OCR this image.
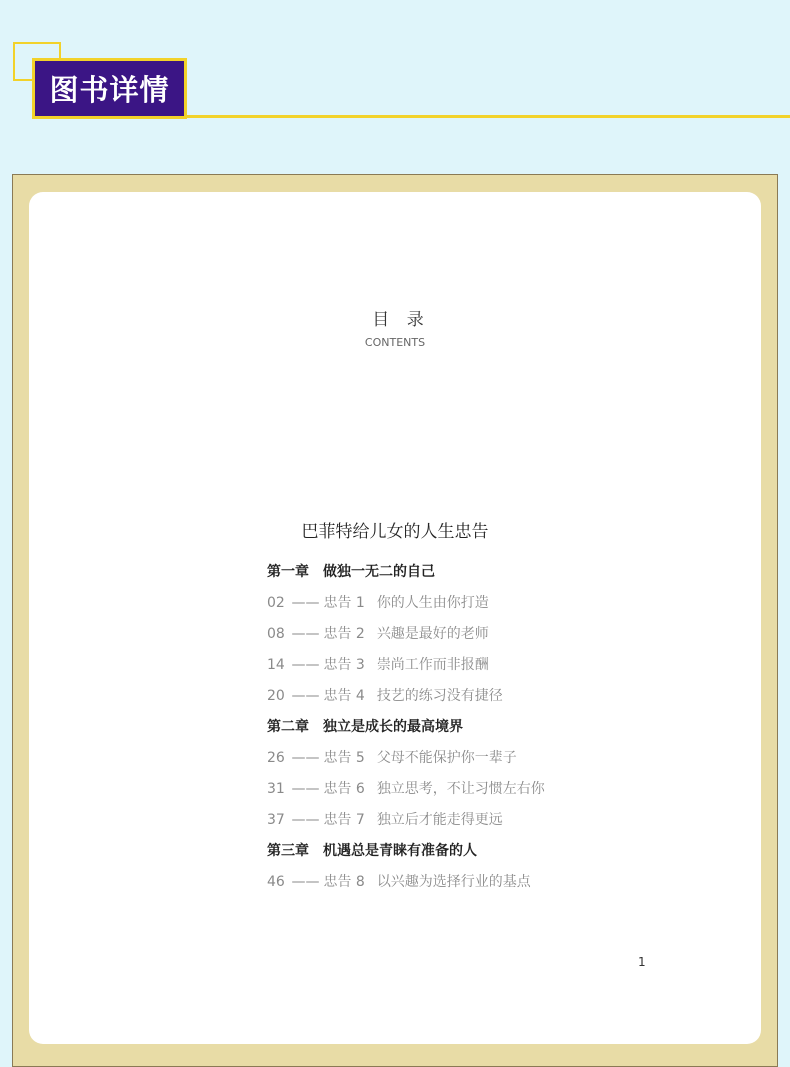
图书详情
目 录
CONTENTS
巴菲特给儿女的人生忠告
第一章 做独一无二的自己
02 —— 忠告 1 你的人生由你打造
08 —— 忠告 2 兴趣是最好的老师
14 —— 忠告 3 崇尚工作而非报酬
20 —— 忠告 4 技艺的练习没有捷径
第二章 独立是成长的最高境界
26 —— 忠告 5 父母不能保护你一辈子
31 —— 忠告 6 独立思考，不让习惯左右你
37 —— 忠告 7 独立后才能走得更远
第三章 机遇总是青睐有准备的人
46 —— 忠告 8 以兴趣为选择行业的基点
1
